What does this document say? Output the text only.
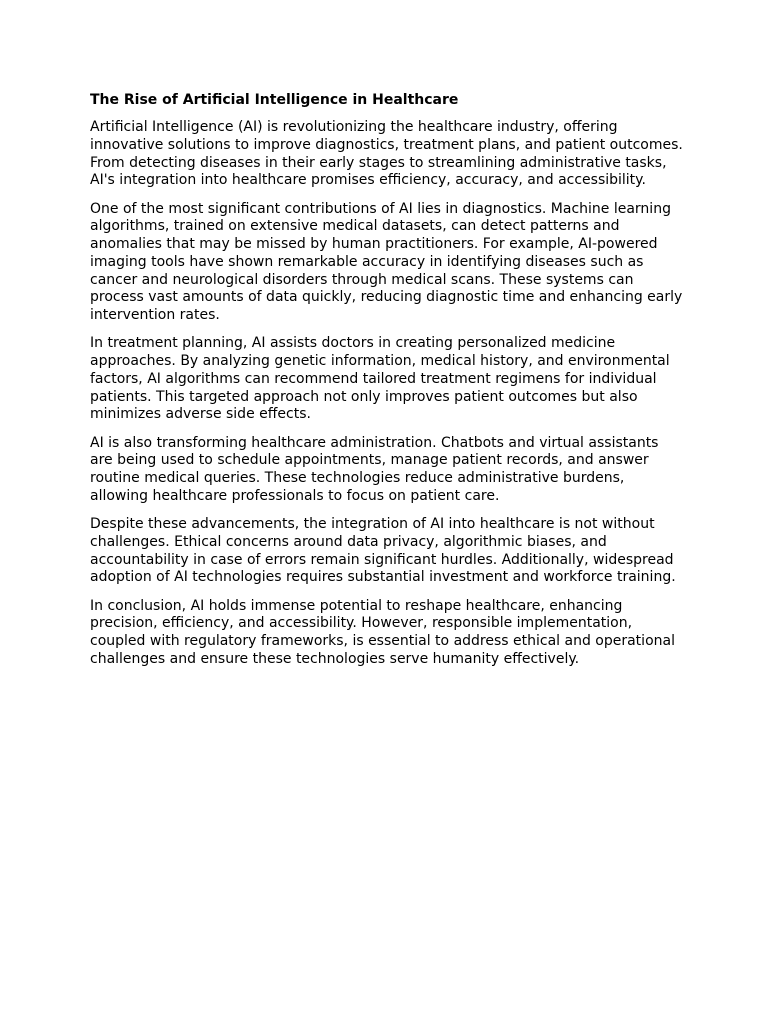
The Rise of Artificial Intelligence in Healthcare

Artificial Intelligence (AI) is revolutionizing the healthcare industry, offering
innovative solutions to improve diagnostics, treatment plans, and patient outcomes.
From detecting diseases in their early stages to streamlining administrative tasks,
AI's integration into healthcare promises efficiency, accuracy, and accessibility.

One of the most significant contributions of AI lies in diagnostics. Machine learning
algorithms, trained on extensive medical datasets, can detect patterns and
anomalies that may be missed by human practitioners. For example, AI-powered
imaging tools have shown remarkable accuracy in identifying diseases such as
cancer and neurological disorders through medical scans. These systems can
process vast amounts of data quickly, reducing diagnostic time and enhancing early
intervention rates.

In treatment planning, AI assists doctors in creating personalized medicine
approaches. By analyzing genetic information, medical history, and environmental
factors, AI algorithms can recommend tailored treatment regimens for individual
patients. This targeted approach not only improves patient outcomes but also
minimizes adverse side effects.

AI is also transforming healthcare administration. Chatbots and virtual assistants
are being used to schedule appointments, manage patient records, and answer
routine medical queries. These technologies reduce administrative burdens,
allowing healthcare professionals to focus on patient care.

Despite these advancements, the integration of AI into healthcare is not without
challenges. Ethical concerns around data privacy, algorithmic biases, and
accountability in case of errors remain significant hurdles. Additionally, widespread
adoption of AI technologies requires substantial investment and workforce training.

In conclusion, AI holds immense potential to reshape healthcare, enhancing
precision, efficiency, and accessibility. However, responsible implementation,
coupled with regulatory frameworks, is essential to address ethical and operational
challenges and ensure these technologies serve humanity effectively.
